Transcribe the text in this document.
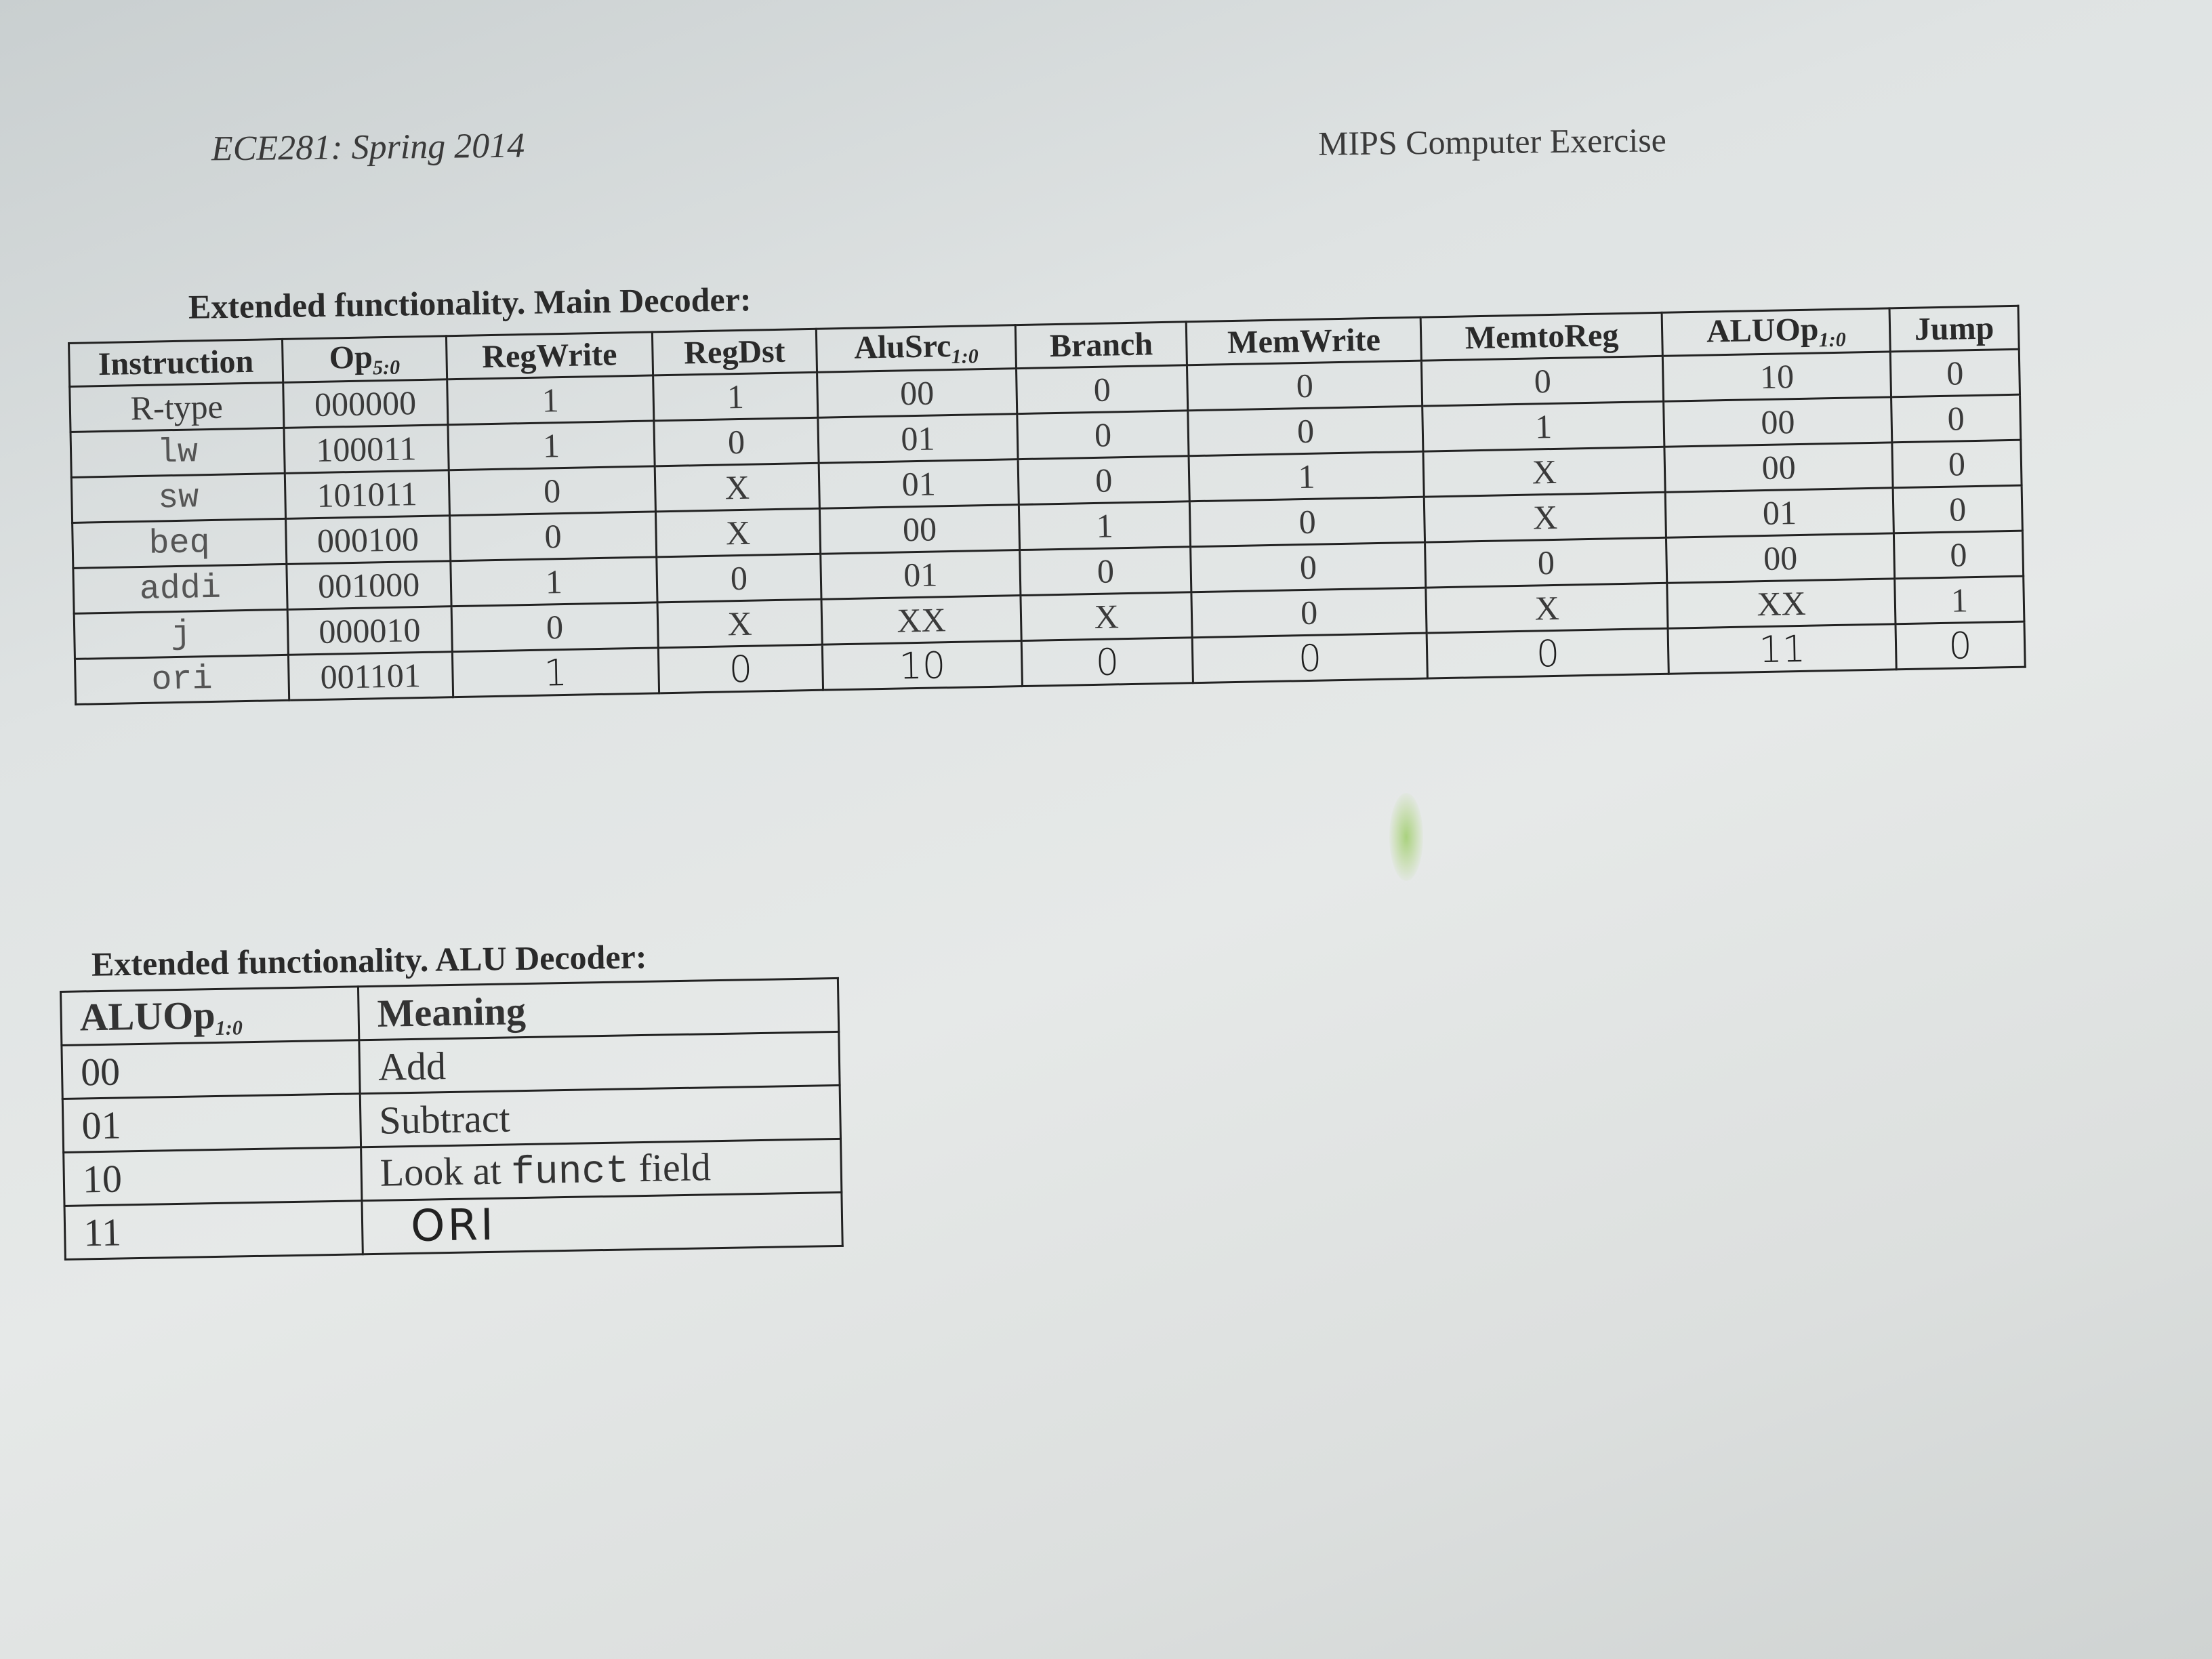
ECE281: Spring 2014	MIPS Computer Exercise
Extended functionality. Main Decoder:
Instruction	$Op_{5:0}$	RegWrite	RegDst	AluSrc$_{1:0}$	Branch	MemWrite	MemtoReg	ALUOp$_{1:0}$	Jump
R-type	000000	1	1	00	0	0	0	10	0
lw	100011	1	0	01	0	0	1	00	0
sw	101011	0	X	01	0	1	X	00	0
beq	000100	0	X	00	1	0	X	01	0
addi	001000	1	0	01	0	0	0	00	0
j	000010	0	X	XX	X	0	X	XX	1
ori	001101	1	0	10	0	0	0	11	0
Extended functionality. ALU Decoder:
ALUOp$_{1:0}$	Meaning
00	Add
01	Subtract
10	Look at funct field
11	ORI
